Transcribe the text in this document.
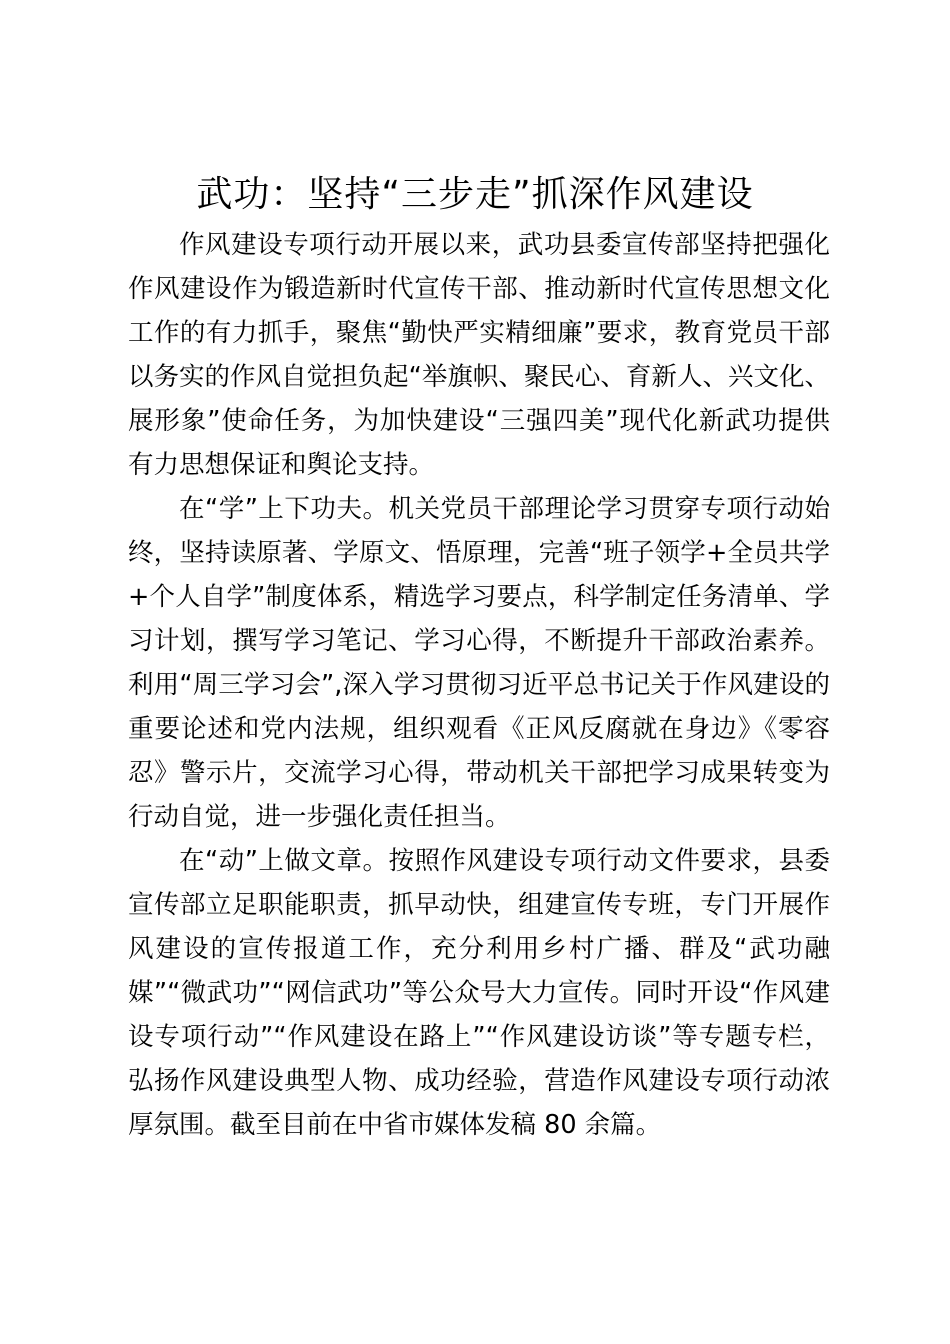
武功：坚持“三步走”抓深作风建设

作风建设专项行动开展以来，武功县委宣传部坚持把强化作风建设作为锻造新时代宣传干部、推动新时代宣传思想文化工作的有力抓手，聚焦“勤快严实精细廉”要求，教育党员干部以务实的作风自觉担负起“举旗帜、聚民心、育新人、兴文化、展形象”使命任务，为加快建设“三强四美”现代化新武功提供有力思想保证和舆论支持。

在“学”上下功夫。机关党员干部理论学习贯穿专项行动始终，坚持读原著、学原文、悟原理，完善“班子领学+全员共学+个人自学”制度体系，精选学习要点，科学制定任务清单、学习计划，撰写学习笔记、学习心得，不断提升干部政治素养。利用“周三学习会”,深入学习贯彻习近平总书记关于作风建设的重要论述和党内法规，组织观看《正风反腐就在身边》《零容忍》警示片，交流学习心得，带动机关干部把学习成果转变为行动自觉，进一步强化责任担当。

在“动”上做文章。按照作风建设专项行动文件要求，县委宣传部立足职能职责，抓早动快，组建宣传专班，专门开展作风建设的宣传报道工作，充分利用乡村广播、群及“武功融媒”“微武功”“网信武功”等公众号大力宣传。同时开设“作风建设专项行动”“作风建设在路上”“作风建设访谈”等专题专栏，弘扬作风建设典型人物、成功经验，营造作风建设专项行动浓厚氛围。截至目前在中省市媒体发稿 80 余篇。
